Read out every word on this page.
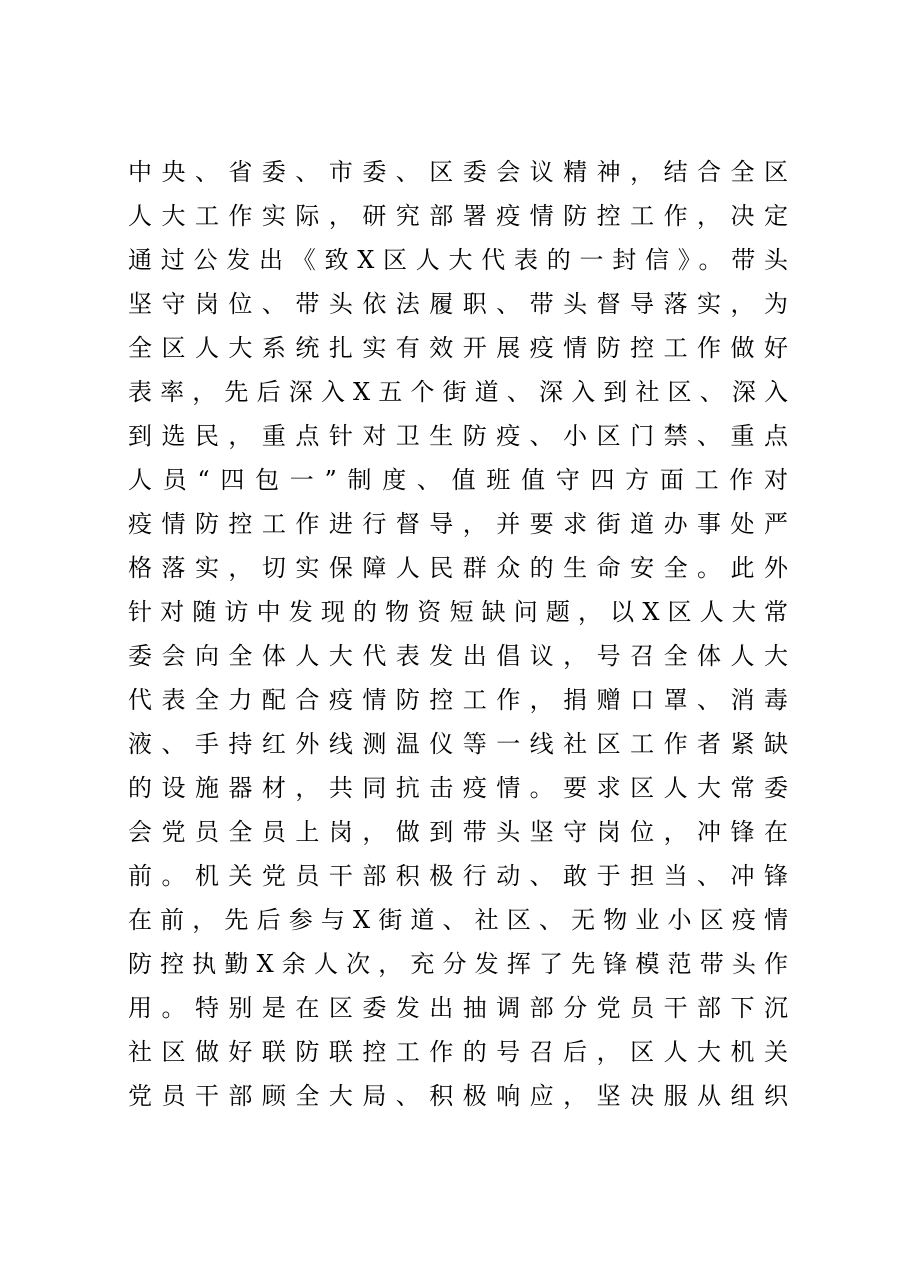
中央、省委、市委、区委会议精神，结合全区
人大工作实际，研究部署疫情防控工作，决定
通过公发出《致X区人大代表的一封信》。带头
坚守岗位、带头依法履职、带头督导落实，为
全区人大系统扎实有效开展疫情防控工作做好
表率，先后深入X五个街道、深入到社区、深入
到选民，重点针对卫生防疫、小区门禁、重点
人员“四包一”制度、值班值守四方面工作对
疫情防控工作进行督导，并要求街道办事处严
格落实，切实保障人民群众的生命安全。此外
针对随访中发现的物资短缺问题，以X区人大常
委会向全体人大代表发出倡议，号召全体人大
代表全力配合疫情防控工作，捐赠口罩、消毒
液、手持红外线测温仪等一线社区工作者紧缺
的设施器材，共同抗击疫情。要求区人大常委
会党员全员上岗，做到带头坚守岗位，冲锋在
前。机关党员干部积极行动、敢于担当、冲锋
在前，先后参与X街道、社区、无物业小区疫情
防控执勤X余人次，充分发挥了先锋模范带头作
用。特别是在区委发出抽调部分党员干部下沉
社区做好联防联控工作的号召后，区人大机关
党员干部顾全大局、积极响应，坚决服从组织
